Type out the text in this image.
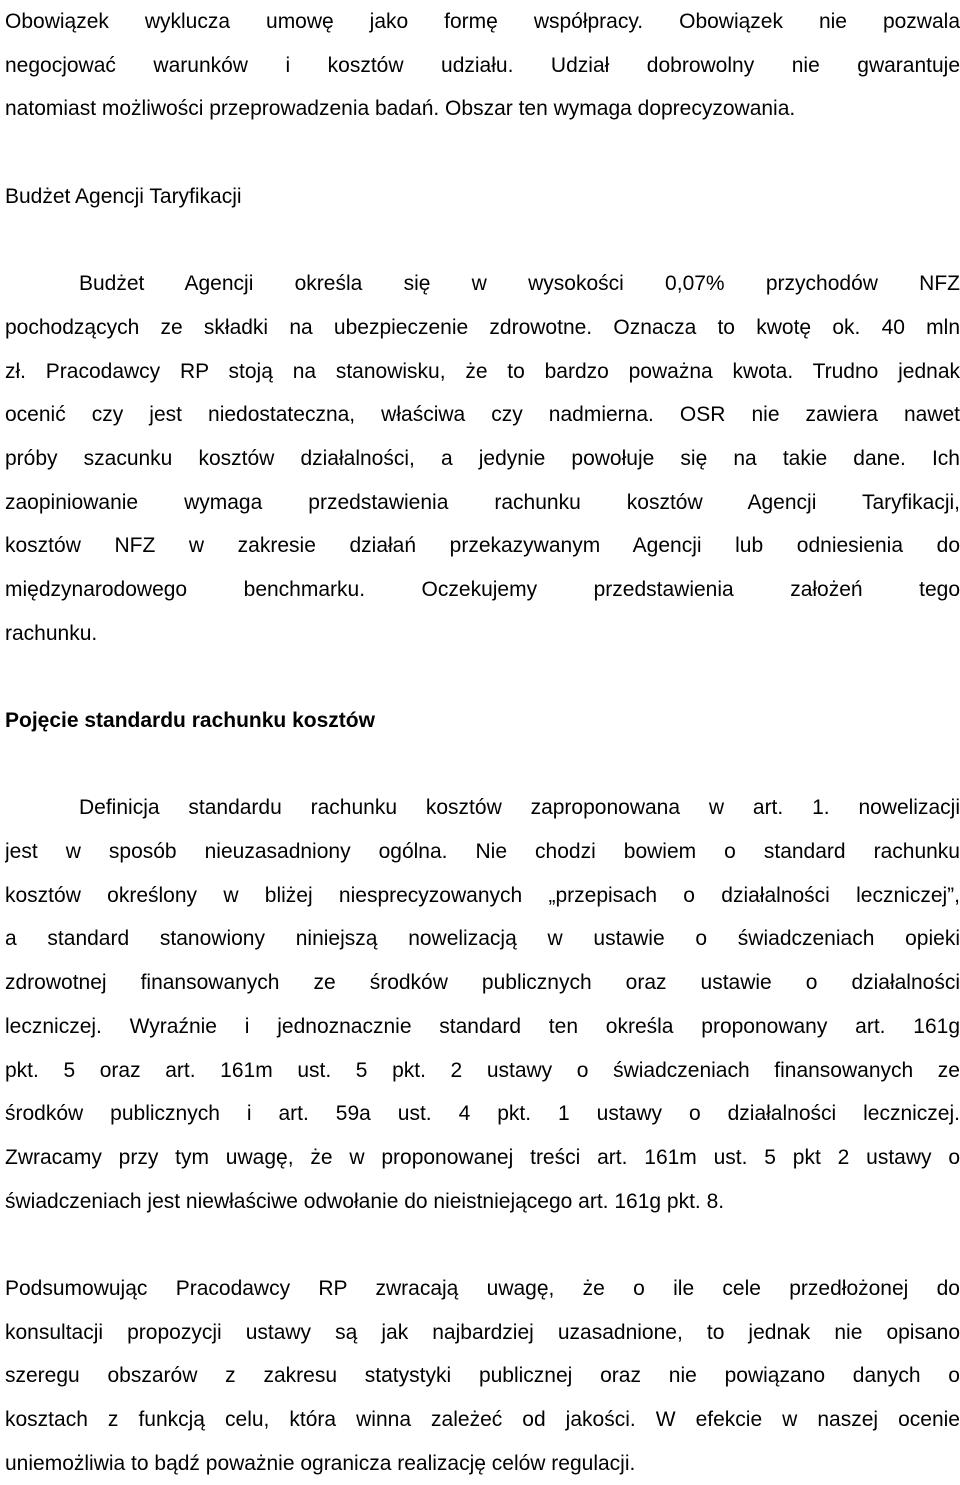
Obowiązek wyklucza umowę jako formę współpracy. Obowiązek nie pozwala
negocjować warunków i kosztów udziału. Udział dobrowolny nie gwarantuje
natomiast możliwości przeprowadzenia badań. Obszar ten wymaga doprecyzowania.
Budżet Agencji Taryfikacji
Budżet Agencji określa się w wysokości 0,07% przychodów NFZ
pochodzących ze składki na ubezpieczenie zdrowotne. Oznacza to kwotę ok. 40 mln
zł. Pracodawcy RP stoją na stanowisku, że to bardzo poważna kwota. Trudno jednak
ocenić czy jest niedostateczna, właściwa czy nadmierna. OSR nie zawiera nawet
próby szacunku kosztów działalności, a jedynie powołuje się na takie dane. Ich
zaopiniowanie wymaga przedstawienia rachunku kosztów Agencji Taryfikacji,
kosztów NFZ w zakresie działań przekazywanym Agencji lub odniesienia do
międzynarodowego benchmarku. Oczekujemy przedstawienia założeń tego
rachunku.
Pojęcie standardu rachunku kosztów
Definicja standardu rachunku kosztów zaproponowana w art. 1. nowelizacji
jest w sposób nieuzasadniony ogólna. Nie chodzi bowiem o standard rachunku
kosztów określony w bliżej niesprecyzowanych „przepisach o działalności leczniczej”,
a standard stanowiony niniejszą nowelizacją w ustawie o świadczeniach opieki
zdrowotnej finansowanych ze środków publicznych oraz ustawie o działalności
leczniczej. Wyraźnie i jednoznacznie standard ten określa proponowany art. 161g
pkt. 5 oraz art. 161m ust. 5 pkt. 2 ustawy o świadczeniach finansowanych ze
środków publicznych i art. 59a ust. 4 pkt. 1 ustawy o działalności leczniczej.
Zwracamy przy tym uwagę, że w proponowanej treści art. 161m ust. 5 pkt 2 ustawy o
świadczeniach jest niewłaściwe odwołanie do nieistniejącego art. 161g pkt. 8.
Podsumowując Pracodawcy RP zwracają uwagę, że o ile cele przedłożonej do
konsultacji propozycji ustawy są jak najbardziej uzasadnione, to jednak nie opisano
szeregu obszarów z zakresu statystyki publicznej oraz nie powiązano danych o
kosztach z funkcją celu, która winna zależeć od jakości. W efekcie w naszej ocenie
uniemożliwia to bądź poważnie ogranicza realizację celów regulacji.
